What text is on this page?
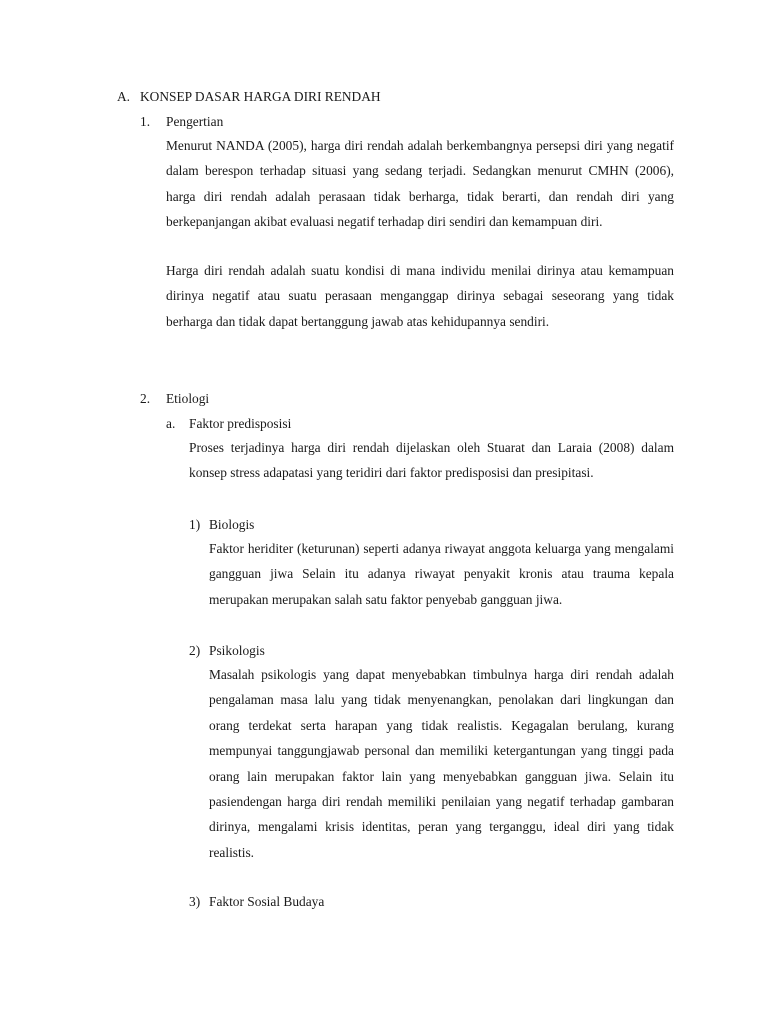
A. KONSEP DASAR HARGA DIRI RENDAH
1. Pengertian

Menurut NANDA (2005), harga diri rendah adalah berkembangnya persepsi diri yang negatif dalam berespon terhadap situasi yang sedang terjadi. Sedangkan menurut CMHN (2006), harga diri rendah adalah perasaan tidak berharga, tidak berarti, dan rendah diri yang berkepanjangan akibat evaluasi negatif terhadap diri sendiri dan kemampuan diri.

Harga diri rendah adalah suatu kondisi di mana individu menilai dirinya atau kemampuan dirinya negatif atau suatu perasaan menganggap dirinya sebagai seseorang yang tidak berharga dan tidak dapat bertanggung jawab atas kehidupannya sendiri.

2. Etiologi
a. Faktor predisposisi

Proses terjadinya harga diri rendah dijelaskan oleh Stuarat dan Laraia (2008) dalam konsep stress adapatasi yang teridiri dari faktor predisposisi dan presipitasi.

1) Biologis

Faktor heriditer (keturunan) seperti adanya riwayat anggota keluarga yang mengalami gangguan jiwa Selain itu adanya riwayat penyakit kronis atau trauma kepala merupakan merupakan salah satu faktor penyebab gangguan jiwa.

2) Psikologis

Masalah psikologis yang dapat menyebabkan timbulnya harga diri rendah adalah pengalaman masa lalu yang tidak menyenangkan, penolakan dari lingkungan dan orang terdekat serta harapan yang tidak realistis. Kegagalan berulang, kurang mempunyai tanggungjawab personal dan memiliki ketergantungan yang tinggi pada orang lain merupakan faktor lain yang menyebabkan gangguan jiwa. Selain itu pasiendengan harga diri rendah memiliki penilaian yang negatif terhadap gambaran dirinya, mengalami krisis identitas, peran yang terganggu, ideal diri yang tidak realistis.

3) Faktor Sosial Budaya
